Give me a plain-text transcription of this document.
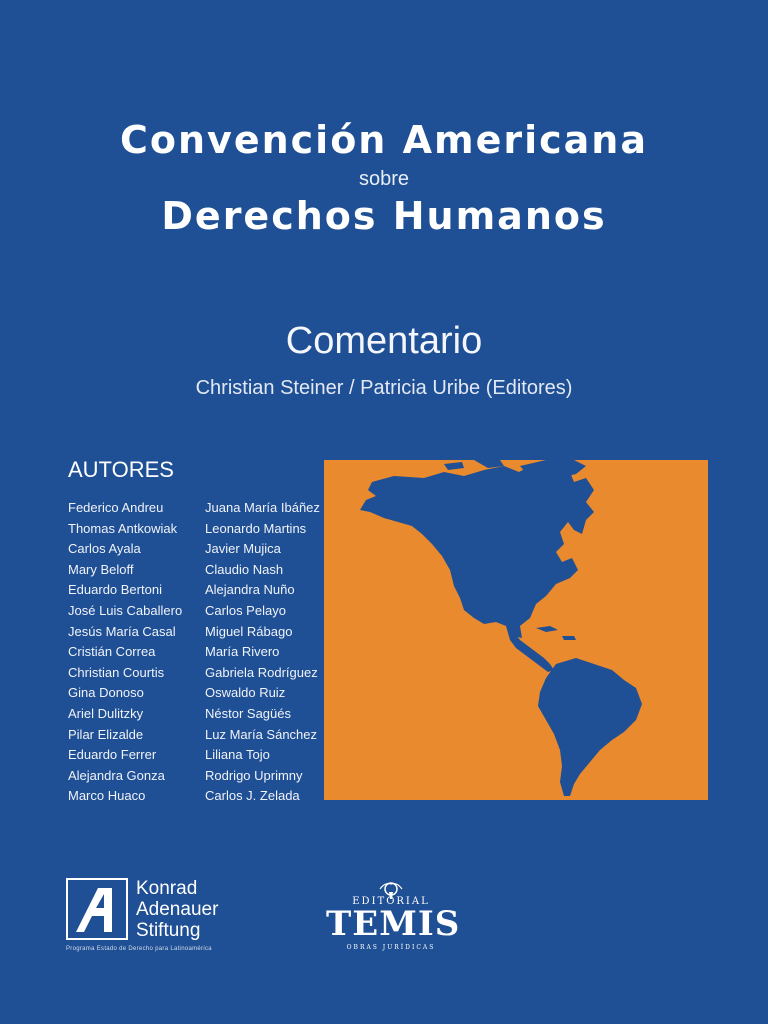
Convención Americana
sobre
Derechos Humanos
Comentario
Christian Steiner / Patricia Uribe (Editores)
AUTORES
Federico Andreu
Thomas Antkowiak
Carlos Ayala
Mary Beloff
Eduardo Bertoni
José Luis Caballero
Jesús María Casal
Cristián Correa
Christian Courtis
Gina Donoso
Ariel Dulitzky
Pilar Elizalde
Eduardo Ferrer
Alejandra Gonza
Marco Huaco
Juana María Ibáñez
Leonardo Martins
Javier Mujica
Claudio Nash
Alejandra Nuño
Carlos Pelayo
Miguel Rábago
María Rivero
Gabriela Rodríguez
Oswaldo Ruiz
Néstor Sagüés
Luz María Sánchez
Liliana Tojo
Rodrigo Uprimny
Carlos J. Zelada
Konrad
Adenauer
Stiftung
Programa Estado de Derecho para Latinoamérica
EDITORIAL
TEMIS
OBRAS JURÍDICAS
